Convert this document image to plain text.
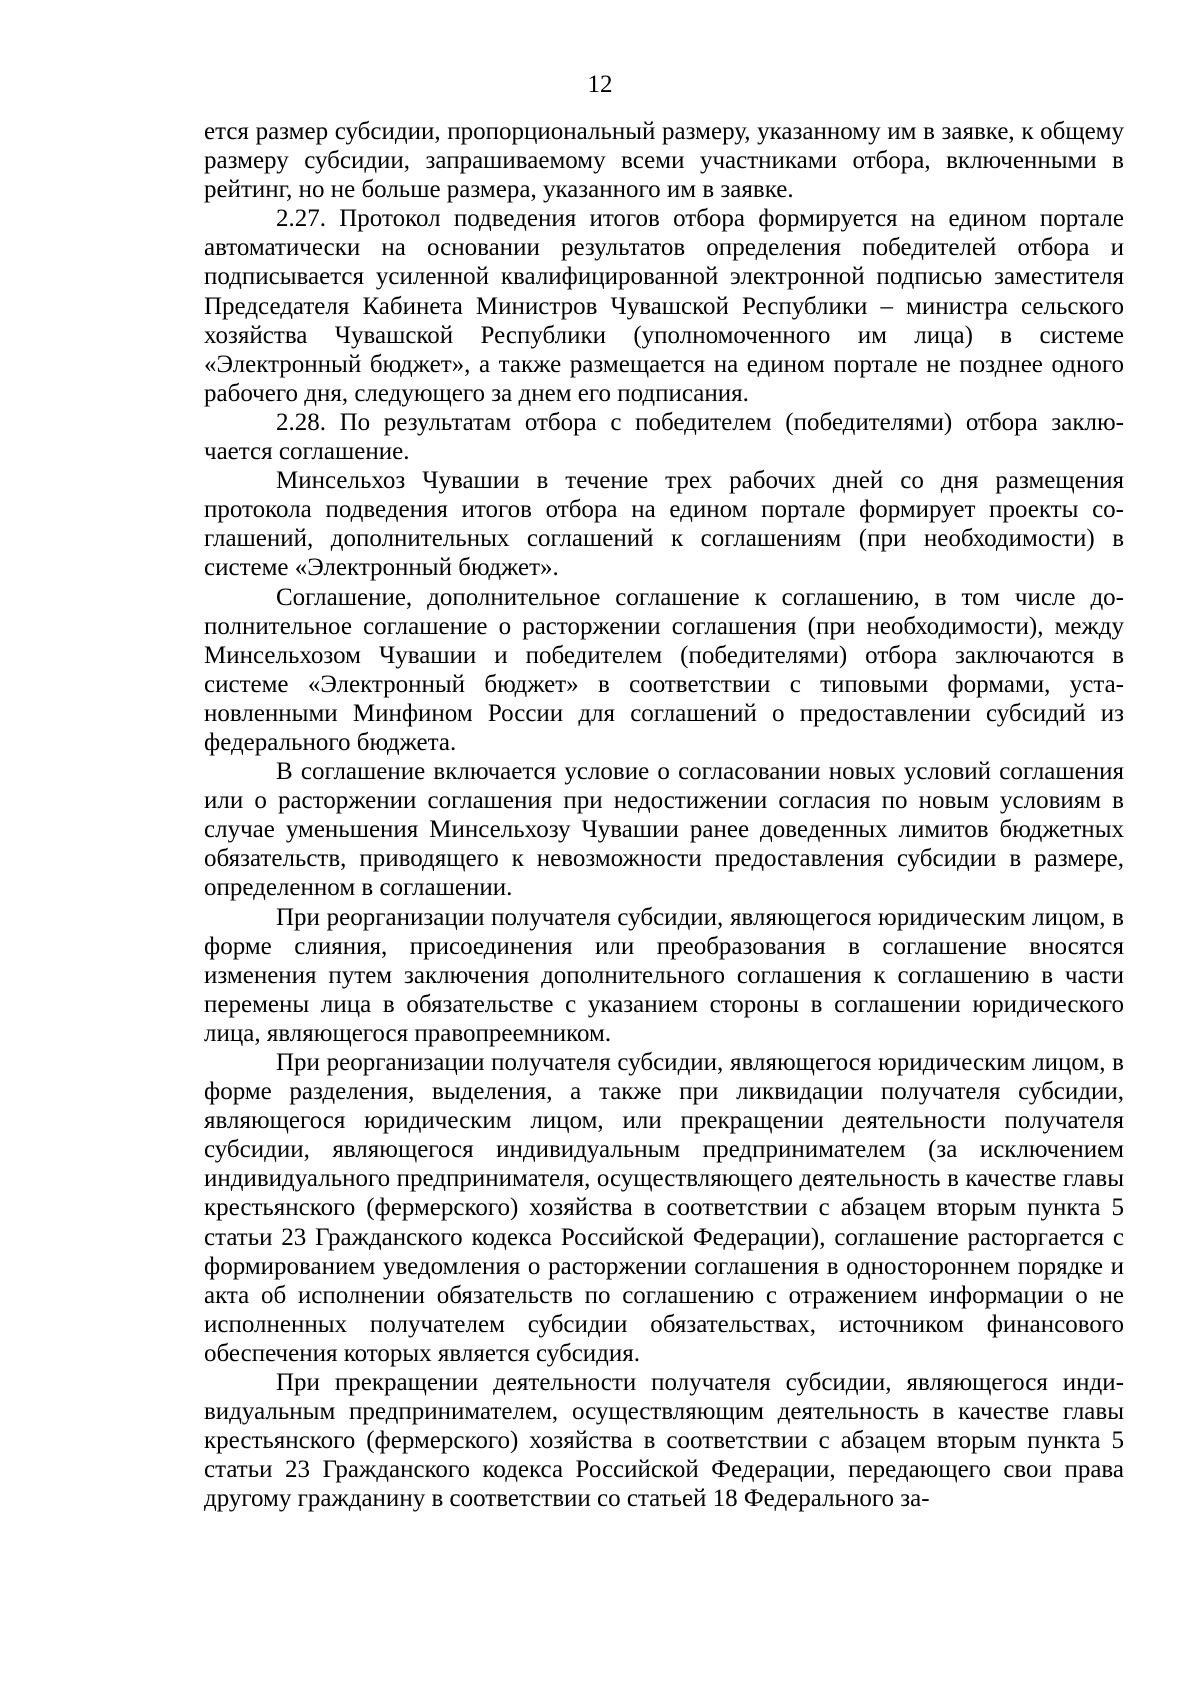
12

ется размер субсидии, пропорциональный размеру, указанному им в заявке, к общему размеру субсидии, запрашиваемому всеми участниками отбора, включенными в рейтинг, но не больше размера, указанного им в заявке.

2.27. Протокол подведения итогов отбора формируется на едином портале автоматически на основании результатов определения победителей отбора и подписывается усиленной квалифицированной электронной подписью заместителя Председателя Кабинета Министров Чувашской Республики – министра сельского хозяйства Чувашской Республики (уполномоченного им лица) в системе «Электронный бюджет», а также размещается на едином портале не позднее одного рабочего дня, следующего за днем его подписания.

2.28. По результатам отбора с победителем (победителями) отбора заключается соглашение.

Минсельхоз Чувашии в течение трех рабочих дней со дня размещения протокола подведения итогов отбора на едином портале формирует проекты соглашений, дополнительных соглашений к соглашениям (при необходимости) в системе «Электронный бюджет».

Соглашение, дополнительное соглашение к соглашению, в том числе дополнительное соглашение о расторжении соглашения (при необходимости), между Минсельхозом Чувашии и победителем (победителями) отбора заключаются в системе «Электронный бюджет» в соответствии с типовыми формами, установленными Минфином России для соглашений о предоставлении субсидий из федерального бюджета.

В соглашение включается условие о согласовании новых условий соглашения или о расторжении соглашения при недостижении согласия по новым условиям в случае уменьшения Минсельхозу Чувашии ранее доведенных лимитов бюджетных обязательств, приводящего к невозможности предоставления субсидии в размере, определенном в соглашении.

При реорганизации получателя субсидии, являющегося юридическим лицом, в форме слияния, присоединения или преобразования в соглашение вносятся изменения путем заключения дополнительного соглашения к соглашению в части перемены лица в обязательстве с указанием стороны в соглашении юридического лица, являющегося правопреемником.

При реорганизации получателя субсидии, являющегося юридическим лицом, в форме разделения, выделения, а также при ликвидации получателя субсидии, являющегося юридическим лицом, или прекращении деятельности получателя субсидии, являющегося индивидуальным предпринимателем (за исключением индивидуального предпринимателя, осуществляющего деятельность в качестве главы крестьянского (фермерского) хозяйства в соответствии с абзацем вторым пункта 5 статьи 23 Гражданского кодекса Российской Федерации), соглашение расторгается с формированием уведомления о расторжении соглашения в одностороннем порядке и акта об исполнении обязательств по соглашению с отражением информации о не исполненных получателем субсидии обязательствах, источником финансового обеспечения которых является субсидия.

При прекращении деятельности получателя субсидии, являющегося индивидуальным предпринимателем, осуществляющим деятельность в качестве главы крестьянского (фермерского) хозяйства в соответствии с абзацем вторым пункта 5 статьи 23 Гражданского кодекса Российской Федерации, передающего свои права другому гражданину в соответствии со статьей 18 Федерального за-
